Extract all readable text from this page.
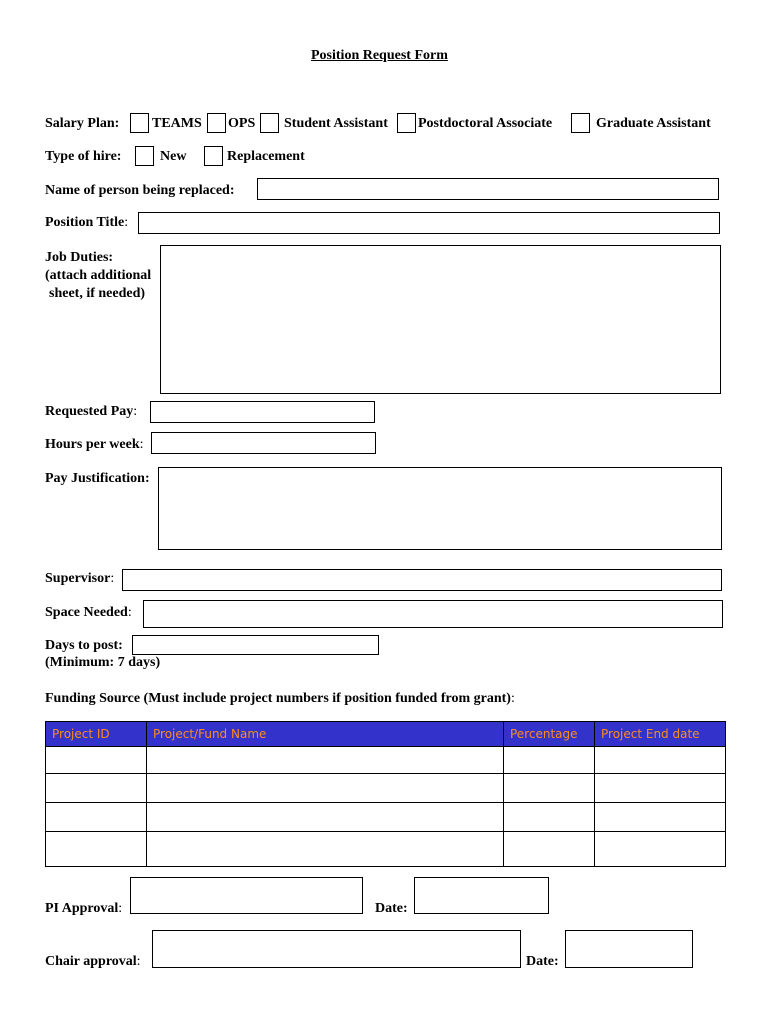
Position Request Form
Salary Plan: TEAMS OPS Student Assistant Postdoctoral Associate	Graduate Assistant
Type of hire:	New	Replacement
Name of person being replaced:
Position Title:
Job Duties:
(attach additional
sheet, if needed)
Requested Pay:
Hours per week:
Pay Justification:
Supervisor:
Space Needed:
Days to post:
(Minimum: 7 days)
Funding Source (Must include project numbers if position funded from grant):
Project ID	Project/Fund Name	Percentage	Project End date

PI Approval:	Date:
Chair approval:	Date:
